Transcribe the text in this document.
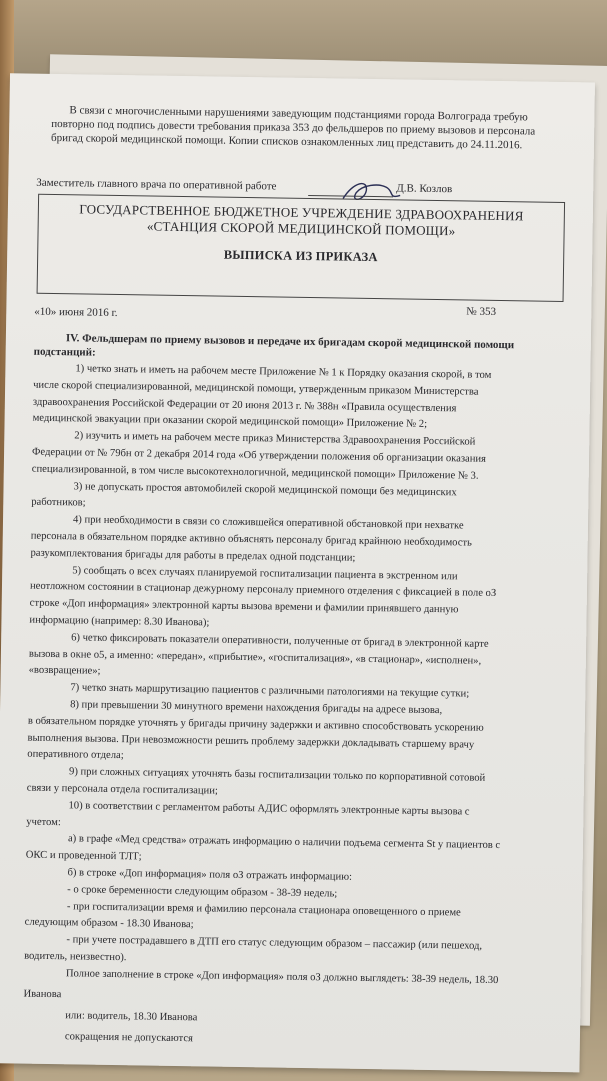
В связи с многочисленными нарушениями заведующим подстанциями города Волгограда требую
повторно под подпись довести требования приказа 353 до фельдшеров по приему вызовов и персонала
бригад скорой медицинской помощи. Копии списков ознакомленных лиц представить до 24.11.2016.
Заместитель главного врача по оперативной работе	Д.В. Козлов
ГОСУДАРСТВЕННОЕ БЮДЖЕТНОЕ УЧРЕЖДЕНИЕ ЗДРАВООХРАНЕНИЯ
«СТАНЦИЯ СКОРОЙ МЕДИЦИНСКОЙ ПОМОЩИ»
ВЫПИСКА ИЗ ПРИКАЗА
«10» июня 2016 г.	№ 353
IV. Фельдшерам по приему вызовов и передаче их бригадам скорой медицинской помощи
подстанций:
1) четко знать и иметь на рабочем месте Приложение № 1 к Порядку оказания скорой, в том
числе скорой специализированной, медицинской помощи, утвержденным приказом Министерства
здравоохранения Российской Федерации от 20 июня 2013 г. № 388н «Правила осуществления
медицинской эвакуации при оказании скорой медицинской помощи» Приложение № 2;
2) изучить и иметь на рабочем месте приказ Министерства Здравоохранения Российской
Федерации от № 79бн от 2 декабря 2014 года «Об утверждении положения об организации оказания
специализированной, в том числе высокотехнологичной, медицинской помощи» Приложение № 3.
3) не допускать простоя автомобилей скорой медицинской помощи без медицинских
работников;
4) при необходимости в связи со сложившейся оперативной обстановкой при нехватке
персонала в обязательном порядке активно объяснять персоналу бригад крайнюю необходимость
разукомплектования бригады для работы в пределах одной подстанции;
5) сообщать о всех случаях планируемой госпитализации пациента в экстренном или
неотложном состоянии в стационар дежурному персоналу приемного отделения с фиксацией в поле оЗ
строке «Доп информация» электронной карты вызова времени и фамилии принявшего данную
информацию (например: 8.30 Иванова);
6) четко фиксировать показатели оперативности, полученные от бригад в электронной карте
вызова в окне о5, а именно: «передан», «прибытие», «госпитализация», «в стационар», «исполнен»,
«возвращение»;
7) четко знать маршрутизацию пациентов с различными патологиями на текущие сутки;
8) при превышении 30 минутного времени нахождения бригады на адресе вызова,
в обязательном порядке уточнять у бригады причину задержки и активно способствовать ускорению
выполнения вызова. При невозможности решить проблему задержки докладывать старшему врачу
оперативного отдела;
9) при сложных ситуациях уточнять базы госпитализации только по корпоративной сотовой
связи у персонала отдела госпитализации;
10) в соответствии с регламентом работы АДИС оформлять электронные карты вызова с
учетом:
а) в графе «Мед средства» отражать информацию о наличии подъема сегмента St у пациентов с
ОКС и проведенной ТЛТ;
б) в строке «Доп информация» поля оЗ отражать информацию:
- о сроке беременности следующим образом - 38-39 недель;
- при госпитализации время и фамилию персонала стационара оповещенного о приеме
следующим образом - 18.30 Иванова;
- при учете пострадавшего в ДТП его статус следующим образом – пассажир (или пешеход,
водитель, неизвестно).
Полное заполнение в строке «Доп информация» поля оЗ должно выглядеть: 38-39 недель, 18.30
Иванова
или: водитель, 18.30 Иванова
сокращения не допускаются
